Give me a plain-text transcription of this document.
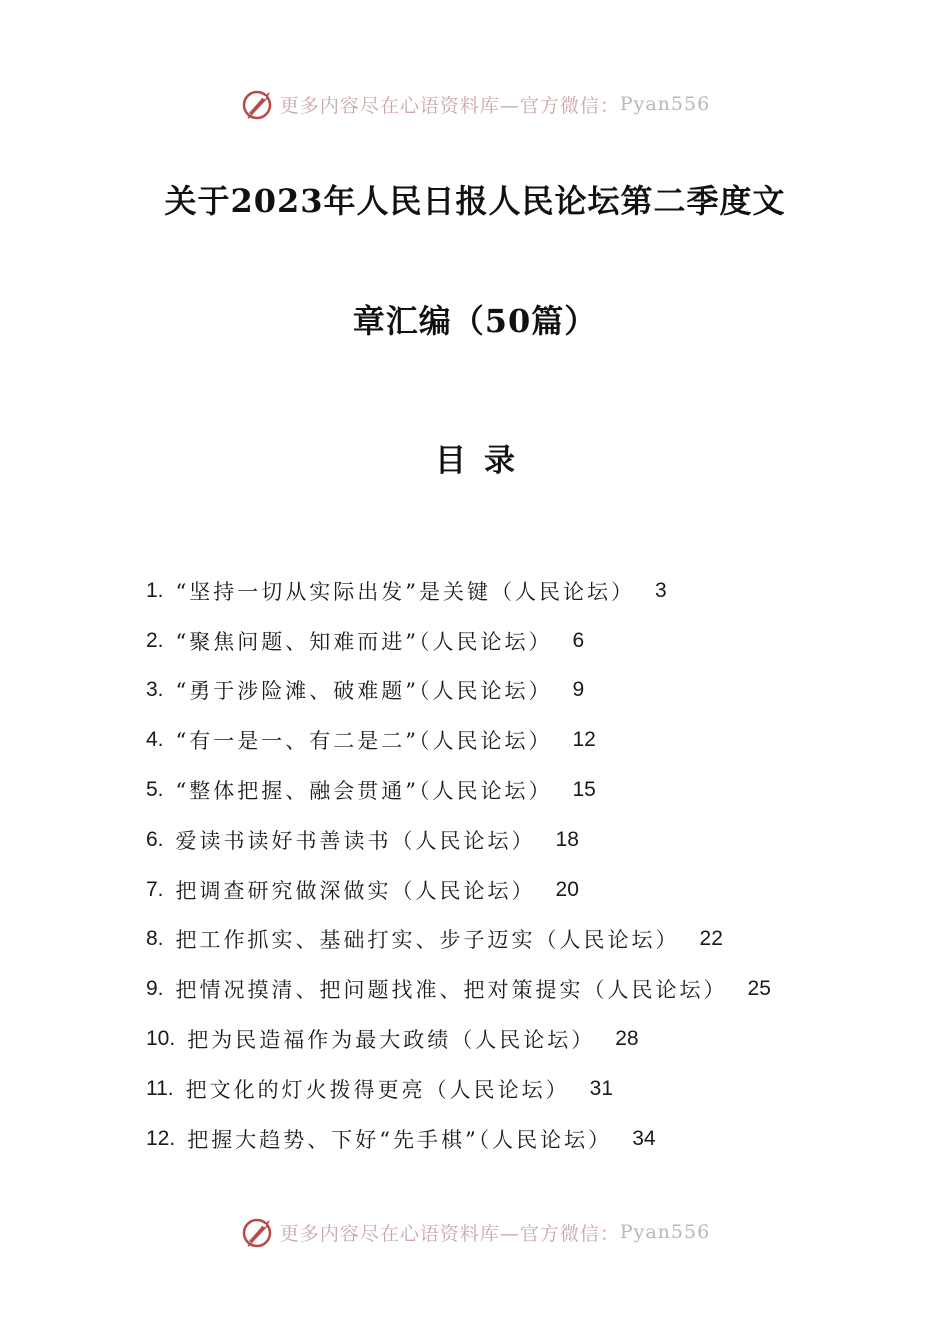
更多内容尽在心语资料库—官方微信： Pyan556
关于2023年人民日报人民论坛第二季度文
章汇编（50篇）
目录
1. “坚持一切从实际出发”是关键（人民论坛） 3
2. “聚焦问题、知难而进”（人民论坛） 6
3. “勇于涉险滩、破难题”（人民论坛） 9
4. “有一是一、有二是二”（人民论坛） 12
5. “整体把握、融会贯通”（人民论坛） 15
6. 爱读书读好书善读书（人民论坛） 18
7. 把调查研究做深做实（人民论坛） 20
8. 把工作抓实、基础打实、步子迈实（人民论坛） 22
9. 把情况摸清、把问题找准、把对策提实（人民论坛） 25
10. 把为民造福作为最大政绩（人民论坛） 28
11. 把文化的灯火拨得更亮（人民论坛） 31
12. 把握大趋势、下好“先手棋”（人民论坛） 34
更多内容尽在心语资料库—官方微信： Pyan556
